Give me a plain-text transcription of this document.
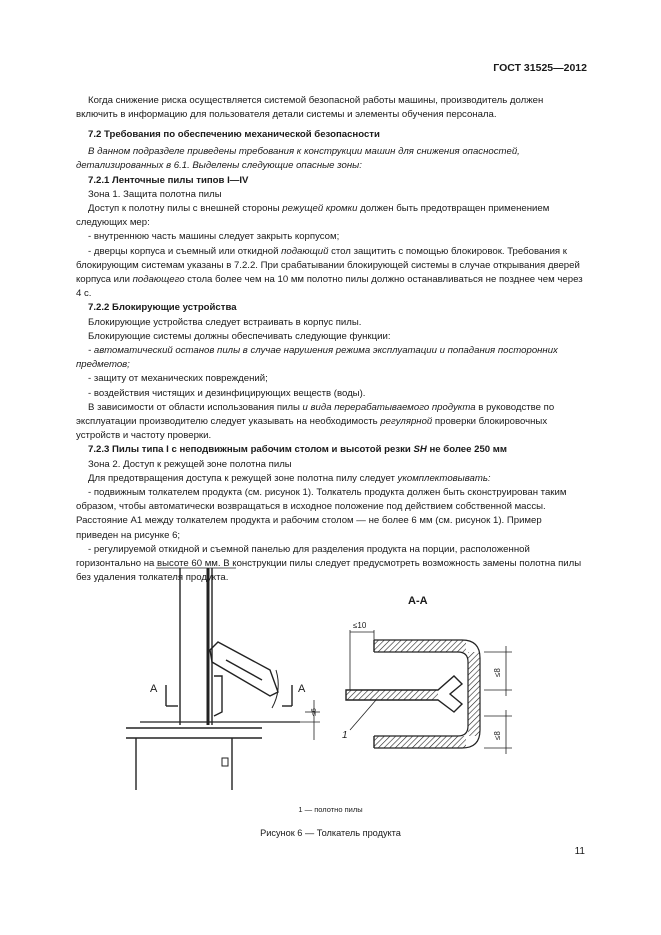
ГОСТ 31525—2012

Когда снижение риска осуществляется системой безопасной работы машины, производитель должен включить в информацию для пользователя детали системы и элементы обучения персонала.

7.2 Требования по обеспечению механической безопасности

В данном подразделе приведены требования к конструкции машин для снижения опасностей, детализированных в 6.1. Выделены следующие опасные зоны:

7.2.1 Ленточные пилы типов I—IV

Зона 1. Защита полотна пилы

Доступ к полотну пилы с внешней стороны режущей кромки должен быть предотвращен применением следующих мер:

- внутреннюю часть машины следует закрыть корпусом;

- дверцы корпуса и съемный или откидной подающий стол защитить с помощью блокировок. Требования к блокирующим системам указаны в 7.2.2. При срабатывании блокирующей системы в случае открывания дверей корпуса или подающего стола более чем на 10 мм полотно пилы должно останавливаться не позднее чем через 4 с.

7.2.2 Блокирующие устройства

Блокирующие устройства следует встраивать в корпус пилы.

Блокирующие системы должны обеспечивать следующие функции:

- автоматический останов пилы в случае нарушения режима эксплуатации и попадания посторонних предметов;

- защиту от механических повреждений;

- воздействия чистящих и дезинфицирующих веществ (воды).

В зависимости от области использования пилы и вида перерабатываемого продукта в руководстве по эксплуатации производителю следует указывать на необходимость регулярной проверки блокировочных устройств и частоту проверки.

7.2.3 Пилы типа I с неподвижным рабочим столом и высотой резки SH не более 250 мм

Зона 2. Доступ к режущей зоне полотна пилы

Для предотвращения доступа к режущей зоне полотна пилу следует укомплектовывать:

- подвижным толкателем продукта (см. рисунок 1). Толкатель продукта должен быть сконструирован таким образом, чтобы автоматически возвращаться в исходное положение под действием собственной массы. Расстояние A1 между толкателем продукта и рабочим столом — не более 6 мм (см. рисунок 1). Пример приведен на рисунке 6;

- регулируемой откидной и съемной панелью для разделения продукта на порции, расположенной горизонтально на высоте 60 мм. В конструкции пилы следует предусмотреть возможность замены полотна пилы без удаления толкателя продукта.

А-А
А	А
≤10
≤6
≤8
≤8
1
1 — полотно пилы
Рисунок 6 — Толкатель продукта
11
